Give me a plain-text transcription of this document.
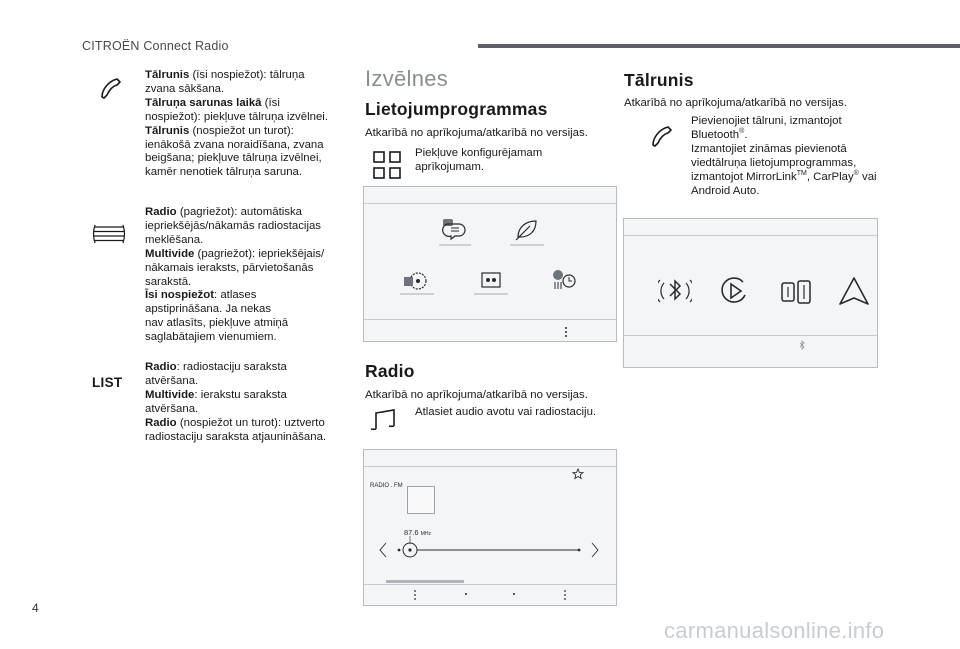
CITROËN Connect Radio
Tālrunis (īsi nospiežot): tālruņa
zvana sākšana.
Tālruņa sarunas laikā (īsi
nospiežot): piekļuve tālruņa izvēlnei.
Tālrunis (nospiežot un turot):
ienākošā zvana noraidīšana, zvana
beigšana; piekļuve tālruņa izvēlnei,
kamēr nenotiek tālruņa saruna.
Radio (pagriežot): automātiska
iepriekšējās/nākamās radiostacijas
meklēšana.
Multivide (pagriežot): iepriekšējais/
nākamais ieraksts, pārvietošanās
sarakstā.
Īsi nospiežot: atlases
apstiprināšana. Ja nekas
nav atlasīts, piekļuve atmiņā
saglabātajiem vienumiem.
LIST
Radio: radiostaciju saraksta
atvēršana.
Multivide: ierakstu saraksta
atvēršana.
Radio (nospiežot un turot): uztverto
radiostaciju saraksta atjaunināšana.
Izvēlnes
Lietojumprogrammas
Atkarībā no aprīkojuma/atkarībā no versijas.
Piekļuve konfigurējamam
aprīkojumam.
Radio
Atkarībā no aprīkojuma/atkarībā no versijas.
Atlasiet audio avotu vai radiostaciju.
RADIO . FM
87.6 MHz
Tālrunis
Atkarībā no aprīkojuma/atkarībā no versijas.
Pievienojiet tālruni, izmantojot
Bluetooth®.
Izmantojiet zināmas pievienotā
viedtālruņa lietojumprogrammas,
izmantojot MirrorLink™, CarPlay® vai
Android Auto.
4
carmanualsonline.info
